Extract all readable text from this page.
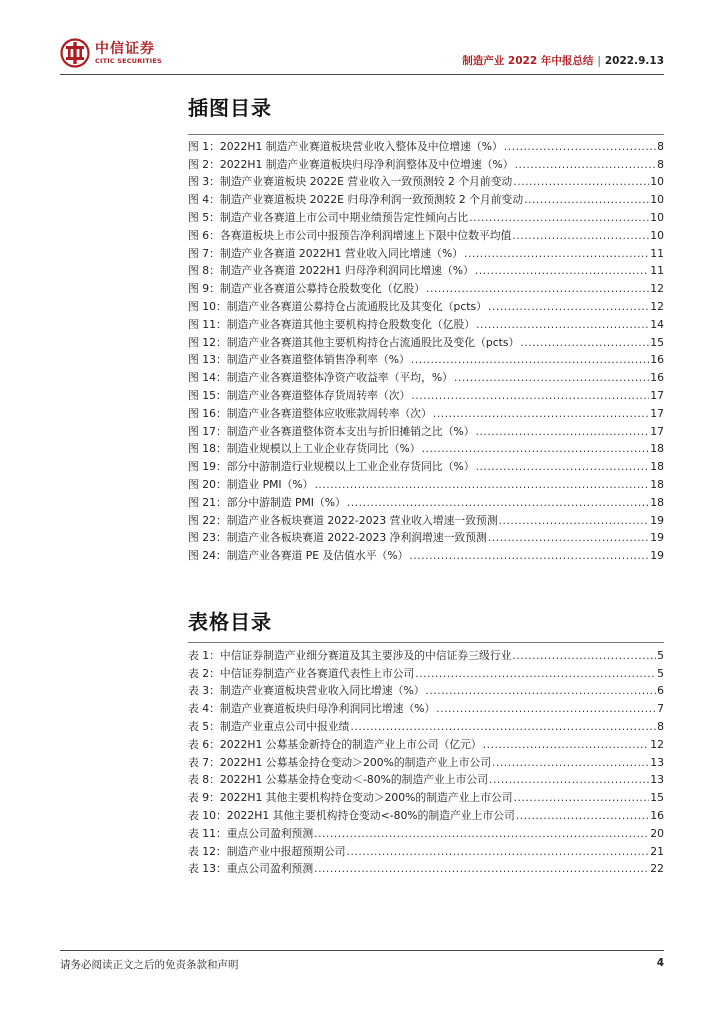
中信证券
CITIC SECURITIES	制造产业 2022 年中报总结 | 2022.9.13
插图目录
图 1：2022H1 制造产业赛道板块营业收入整体及中位增速（%） .....	8
图 2：2022H1 制造产业赛道板块归母净利润整体及中位增速（%） .....	8
图 3：制造产业赛道板块 2022E 营业收入一致预测较 2 个月前变动 .....	10
图 4：制造产业赛道板块 2022E 归母净利润一致预测较 2 个月前变动 .....	10
图 5：制造产业各赛道上市公司中期业绩预告定性倾向占比 .....	10
图 6：各赛道板块上市公司中报预告净利润增速上下限中位数平均值 .....	10
图 7：制造产业各赛道 2022H1 营业收入同比增速（%） .....	11
图 8：制造产业各赛道 2022H1 归母净利润同比增速（%） .....	11
图 9：制造产业各赛道公募持仓股数变化（亿股） .....	12
图 10：制造产业各赛道公募持仓占流通股比及其变化（pcts） .....	12
图 11：制造产业各赛道其他主要机构持仓股数变化（亿股） .....	14
图 12：制造产业各赛道其他主要机构持仓占流通股比及变化（pcts） .....	15
图 13：制造产业各赛道整体销售净利率（%） .....	16
图 14：制造产业各赛道整体净资产收益率（平均，%） .....	16
图 15：制造产业各赛道整体存货周转率（次） .....	17
图 16：制造产业各赛道整体应收账款周转率（次） .....	17
图 17：制造产业各赛道整体资本支出与折旧摊销之比（%） .....	17
图 18：制造业规模以上工业企业存货同比（%） .....	18
图 19：部分中游制造行业规模以上工业企业存货同比（%） .....	18
图 20：制造业 PMI（%） .....	18
图 21：部分中游制造 PMI（%） .....	18
图 22：制造产业各板块赛道 2022-2023 营业收入增速一致预测 .....	19
图 23：制造产业各板块赛道 2022-2023 净利润增速一致预测 .....	19
图 24：制造产业各赛道 PE 及估值水平（%） .....	19
表格目录
表 1：中信证券制造产业细分赛道及其主要涉及的中信证券三级行业 .....	5
表 2：中信证券制造产业各赛道代表性上市公司 .....	5
表 3：制造产业赛道板块营业收入同比增速（%） .....	6
表 4：制造产业赛道板块归母净利润同比增速（%） .....	7
表 5：制造产业重点公司中报业绩 .....	8
表 6：2022H1 公募基金新持仓的制造产业上市公司（亿元） .....	12
表 7：2022H1 公募基金持仓变动＞200%的制造产业上市公司 .....	13
表 8：2022H1 公募基金持仓变动＜-80%的制造产业上市公司 .....	13
表 9：2022H1 其他主要机构持仓变动＞200%的制造产业上市公司 .....	15
表 10：2022H1 其他主要机构持仓变动<-80%的制造产业上市公司 .....	16
表 11：重点公司盈利预测 .....	20
表 12：制造产业中报超预期公司 .....	21
表 13：重点公司盈利预测 .....	22
请务必阅读正文之后的免责条款和声明	4
